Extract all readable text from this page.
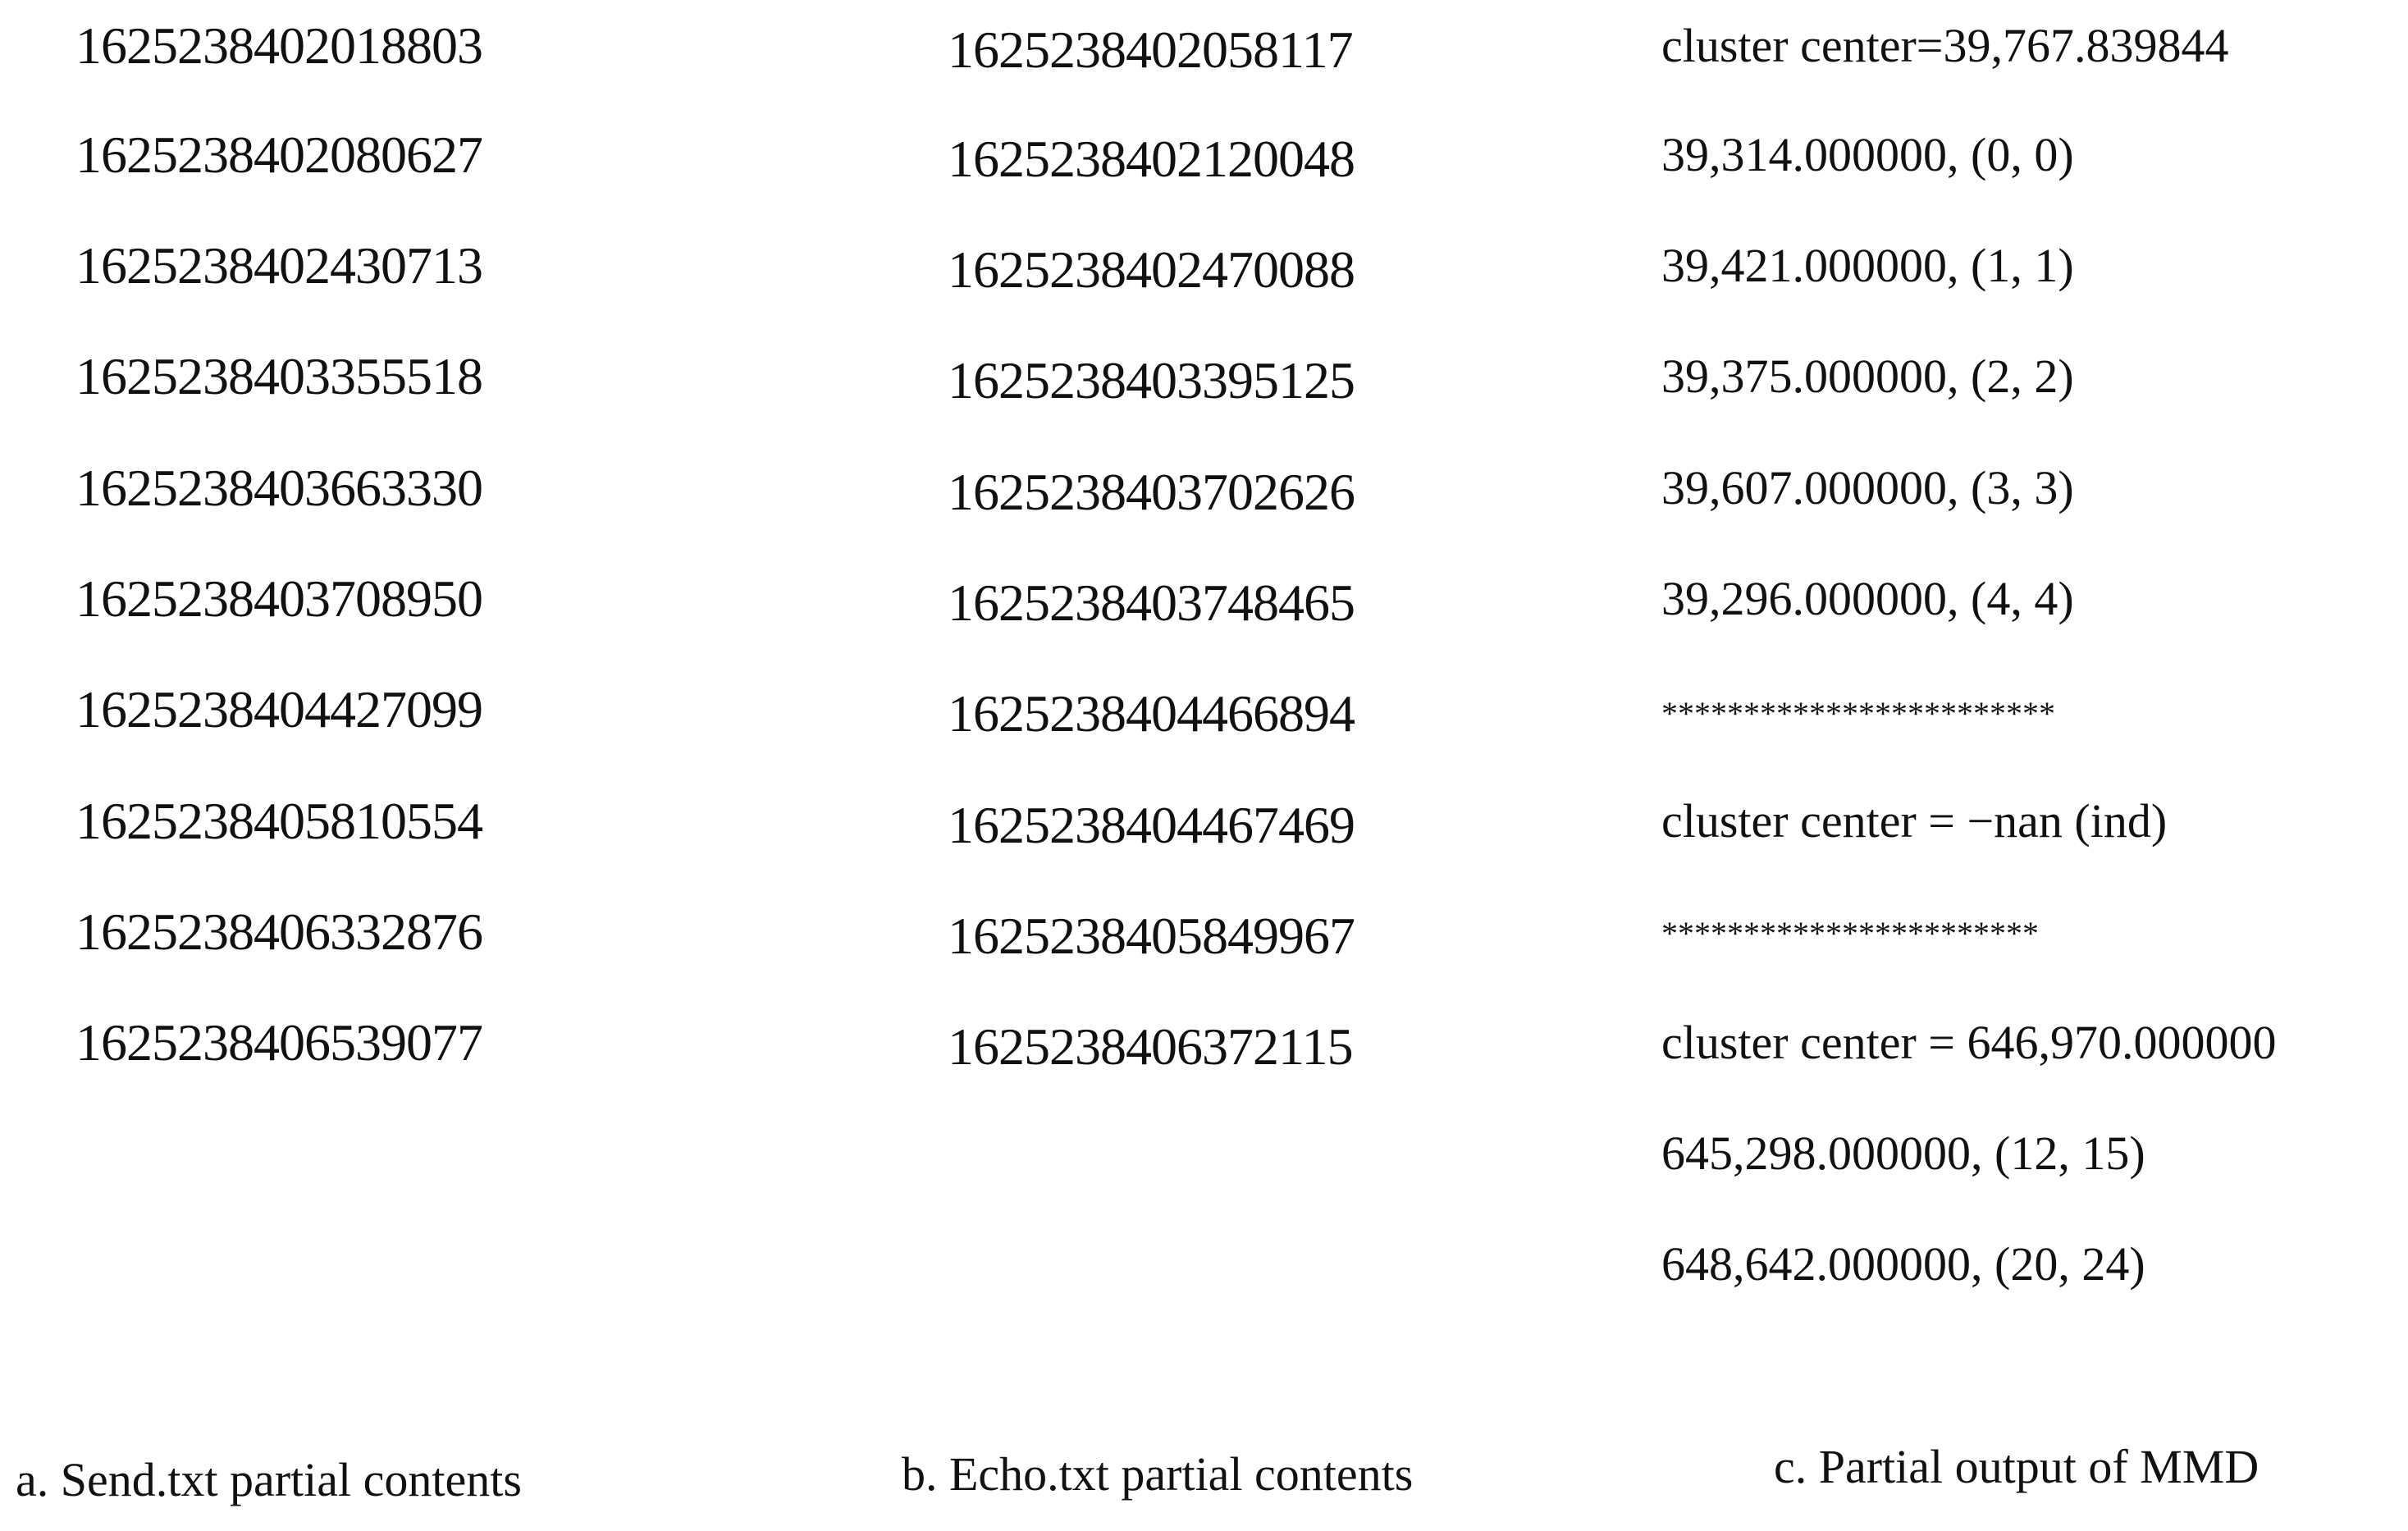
1625238402018803
1625238402080627
1625238402430713
1625238403355518
1625238403663330
1625238403708950
1625238404427099
1625238405810554
1625238406332876
1625238406539077
a. Send.txt partial contents
1625238402058117
1625238402120048
1625238402470088
1625238403395125
1625238403702626
1625238403748465
1625238404466894
1625238404467469
1625238405849967
1625238406372115
b. Echo.txt partial contents
cluster center=39,767.839844
39,314.000000, (0, 0)
39,421.000000, (1, 1)
39,375.000000, (2, 2)
39,607.000000, (3, 3)
39,296.000000, (4, 4)
************************
cluster center = −nan (ind)
***********************
cluster center = 646,970.000000
645,298.000000, (12, 15)
648,642.000000, (20, 24)
c. Partial output of MMD
